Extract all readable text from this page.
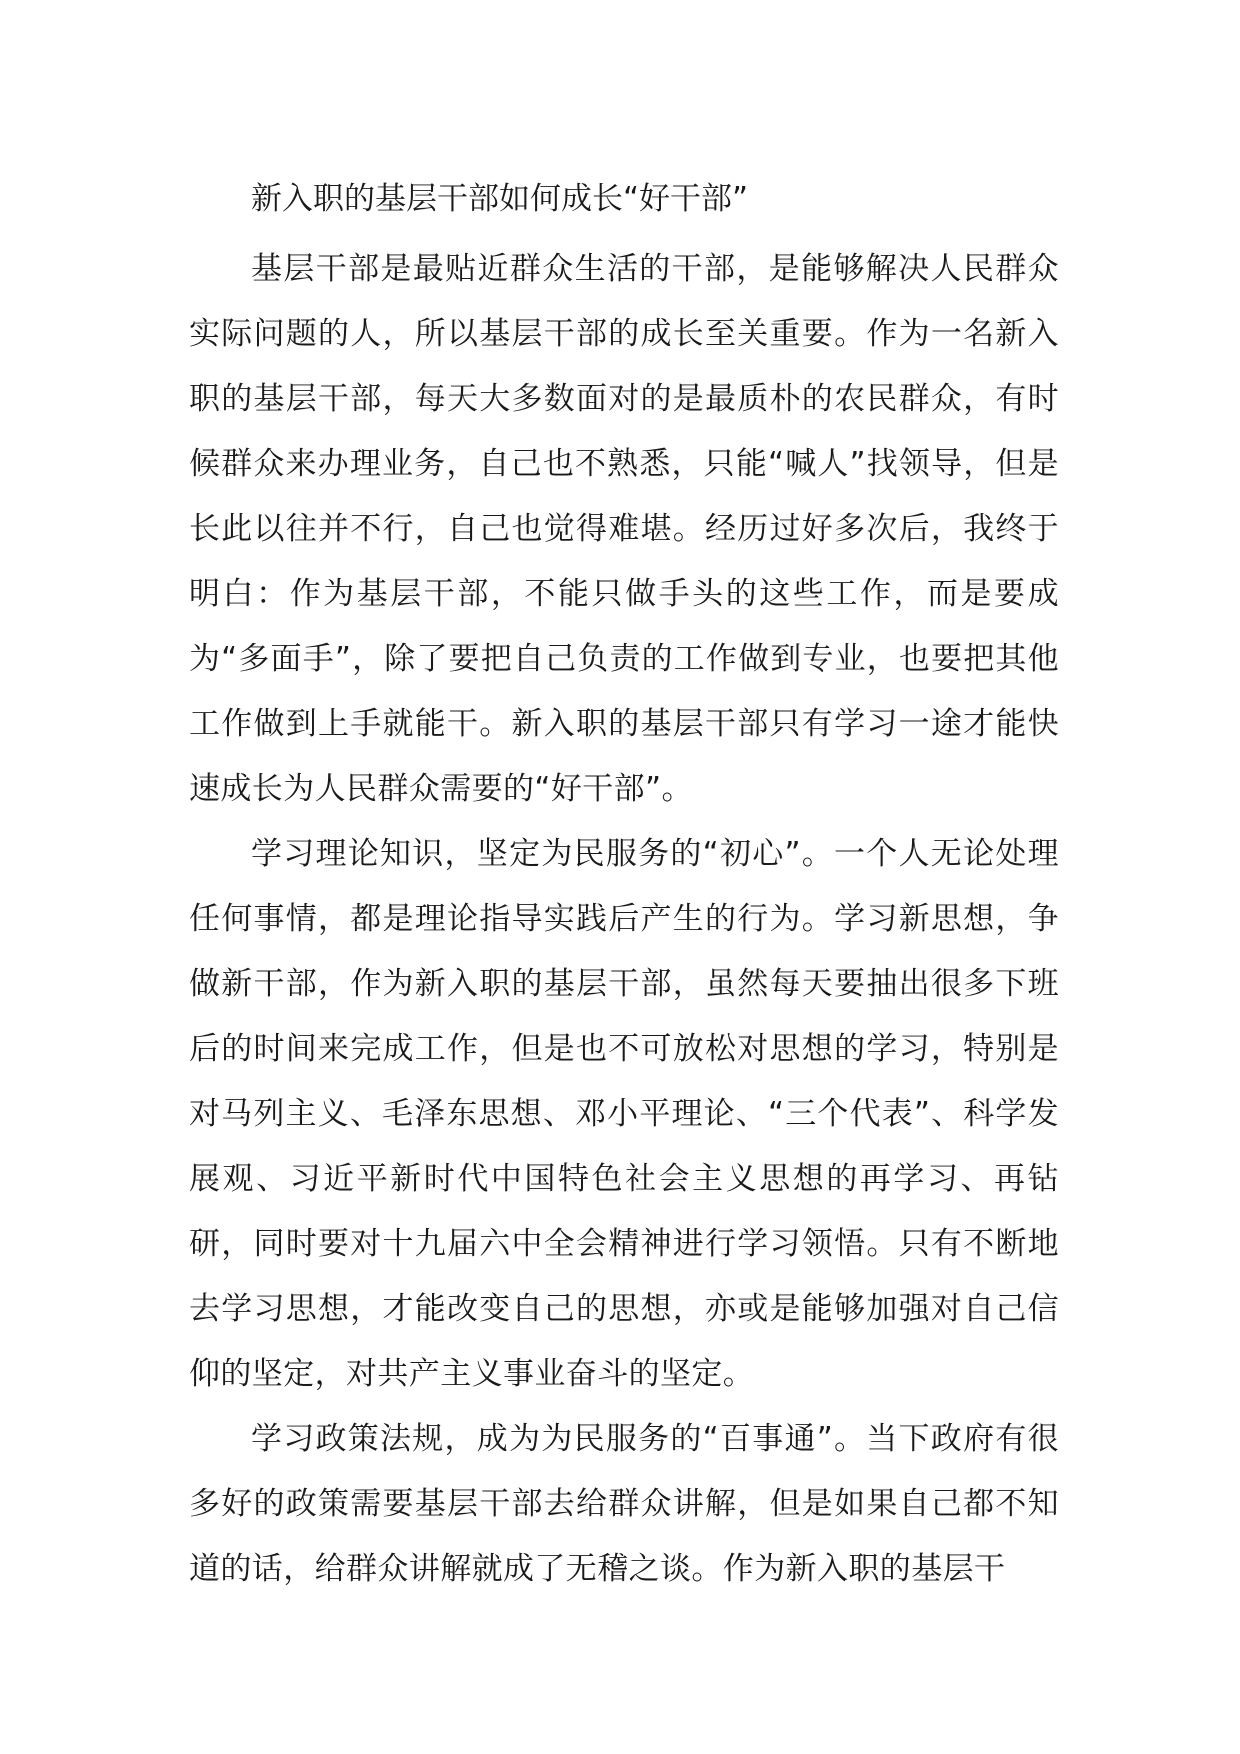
新入职的基层干部如何成长“好干部”

基层干部是最贴近群众生活的干部，是能够解决人民群众实际问题的人，所以基层干部的成长至关重要。作为一名新入职的基层干部，每天大多数面对的是最质朴的农民群众，有时候群众来办理业务，自己也不熟悉，只能“喊人”找领导，但是长此以往并不行，自己也觉得难堪。经历过好多次后，我终于明白：作为基层干部，不能只做手头的这些工作，而是要成为“多面手”，除了要把自己负责的工作做到专业，也要把其他工作做到上手就能干。新入职的基层干部只有学习一途才能快速成长为人民群众需要的“好干部”。

学习理论知识，坚定为民服务的“初心”。一个人无论处理任何事情，都是理论指导实践后产生的行为。学习新思想，争做新干部，作为新入职的基层干部，虽然每天要抽出很多下班后的时间来完成工作，但是也不可放松对思想的学习，特别是对马列主义、毛泽东思想、邓小平理论、“三个代表”、科学发展观、习近平新时代中国特色社会主义思想的再学习、再钻研，同时要对十九届六中全会精神进行学习领悟。只有不断地去学习思想，才能改变自己的思想，亦或是能够加强对自己信仰的坚定，对共产主义事业奋斗的坚定。

学习政策法规，成为为民服务的“百事通”。当下政府有很多好的政策需要基层干部去给群众讲解，但是如果自己都不知道的话，给群众讲解就成了无稽之谈。作为新入职的基层干
